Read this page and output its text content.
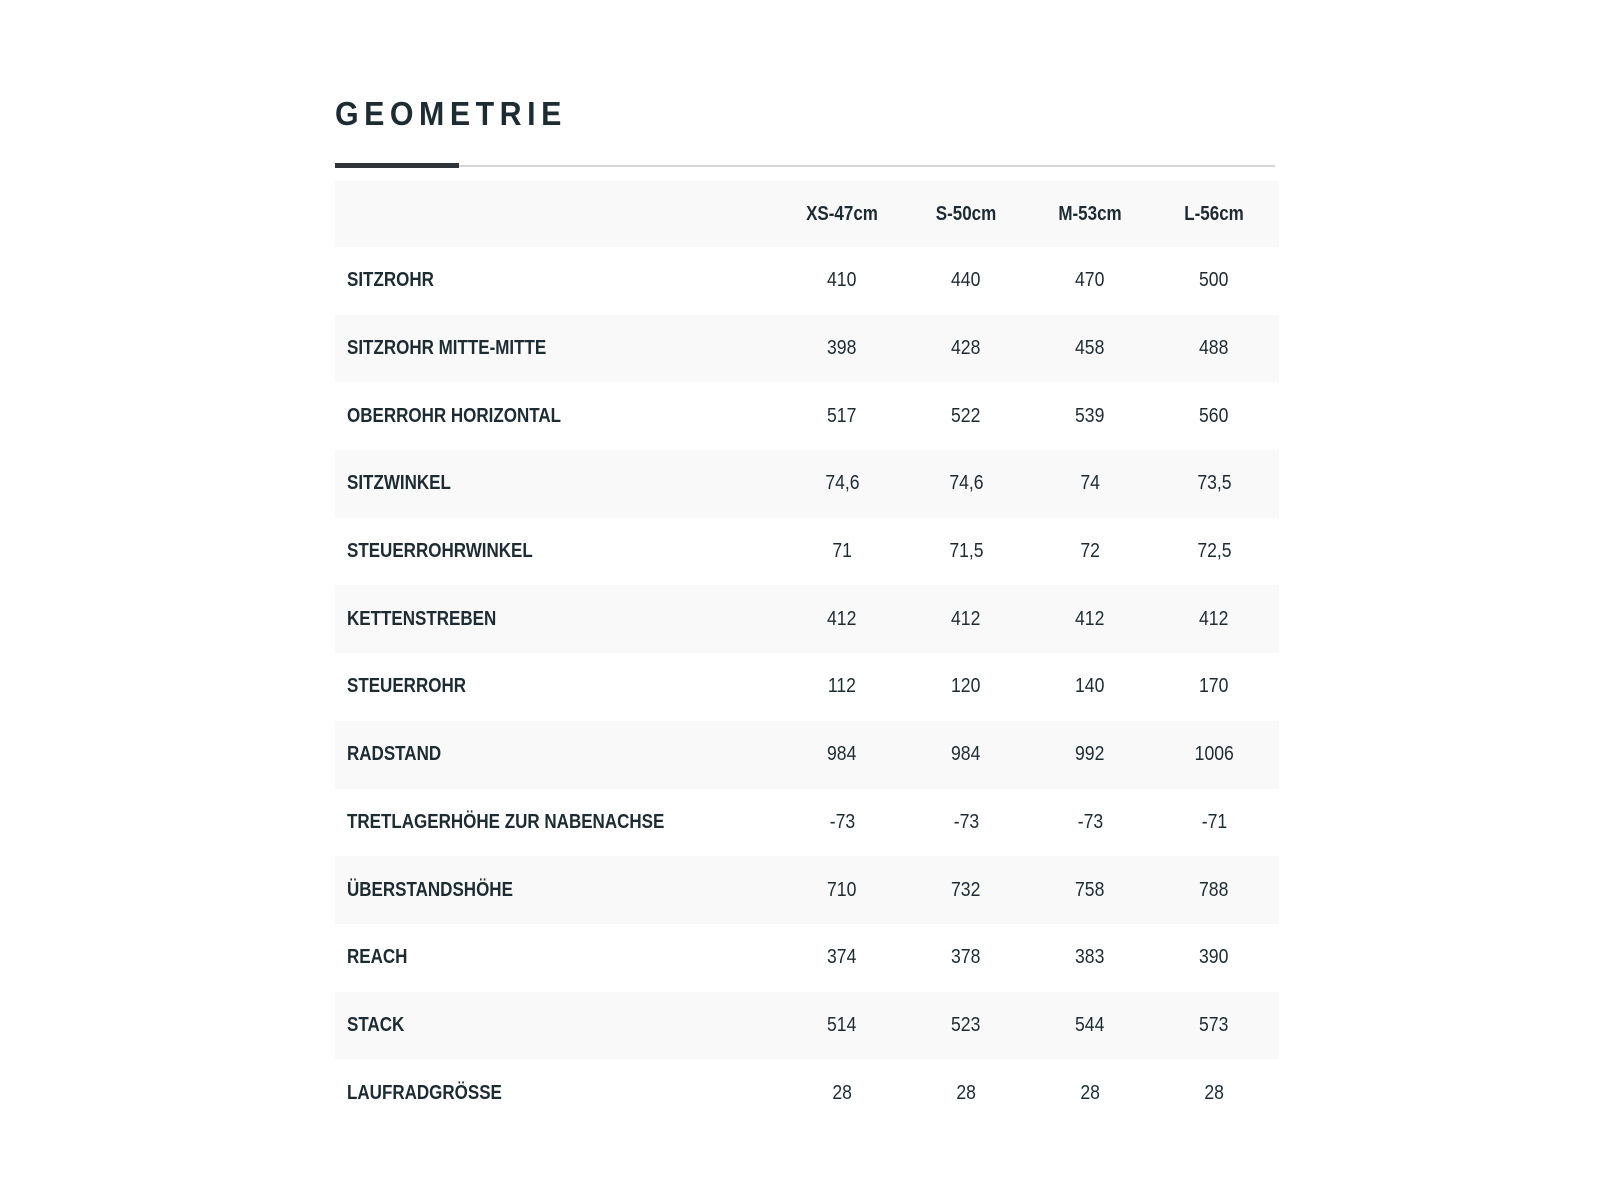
GEOMETRIE
	XS-47cm	S-50cm	M-53cm	L-56cm	
SITZROHR	410	440	470	500	
SITZROHR MITTE-MITTE	398	428	458	488	
OBERROHR HORIZONTAL	517	522	539	560	
SITZWINKEL	74,6	74,6	74	73,5	
STEUERROHRWINKEL	71	71,5	72	72,5	
KETTENSTREBEN	412	412	412	412	
STEUERROHR	112	120	140	170	
RADSTAND	984	984	992	1006	
TRETLAGERHÖHE ZUR NABENACHSE	-73	-73	-73	-71	
ÜBERSTANDSHÖHE	710	732	758	788	
REACH	374	378	383	390	
STACK	514	523	544	573	
LAUFRADGRÖSSE	28	28	28	28	
